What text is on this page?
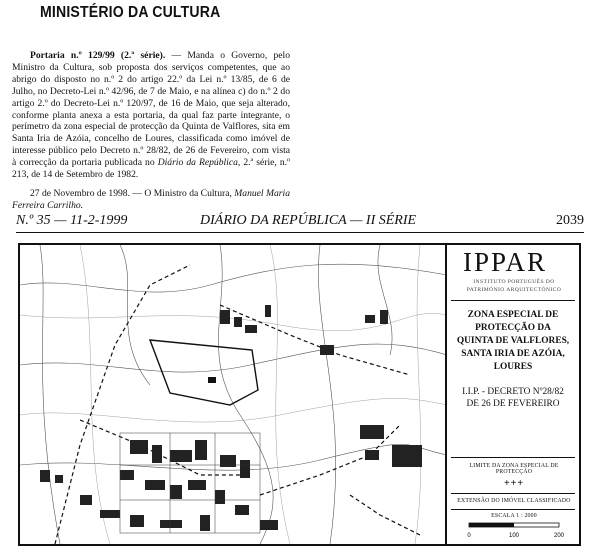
MINISTÉRIO DA CULTURA

Portaria n.º 129/99 (2.ª série). — Manda o Governo, pelo Ministro da Cultura, sob proposta dos serviços competentes, que ao abrigo do disposto no n.º 2 do artigo 22.º da Lei n.º 13/85, de 6 de Julho, no Decreto-Lei n.º 42/96, de 7 de Maio, e na alínea c) do n.º 2 do artigo 2.º do Decreto-Lei n.º 120/97, de 16 de Maio, que seja alterado, conforme planta anexa a esta portaria, da qual faz parte integrante, o perímetro da zona especial de protecção da Quinta de Valflores, sita em Santa Iria de Azóia, concelho de Loures, classificada como imóvel de interesse público pelo Decreto n.º 28/82, de 26 de Fevereiro, com vista à correcção da portaria publicada no Diário da República, 2.ª série, n.º 213, de 14 de Setembro de 1982.

27 de Novembro de 1998. — O Ministro da Cultura, Manuel Maria Ferreira Carrilho.

N.º 35 — 11-2-1999	DIÁRIO DA REPÚBLICA — II SÉRIE	2039
IPPAR
INSTITUTO PORTUGUÊS DO
PATRIMÓNIO ARQUITECTÓNICO
ZONA ESPECIAL DE
PROTECÇÃO DA
QUINTA DE VALFLORES,
SANTA IRIA DE AZÓIA,
LOURES
I.I.P. - DECRETO Nº28/82
DE 26 DE FEVEREIRO
LIMITE DA ZONA ESPECIAL DE PROTECÇÃO
+++
EXTENSÃO DO IMÓVEL CLASSIFICADO
ESCALA 1 : 2000
0	100	200
